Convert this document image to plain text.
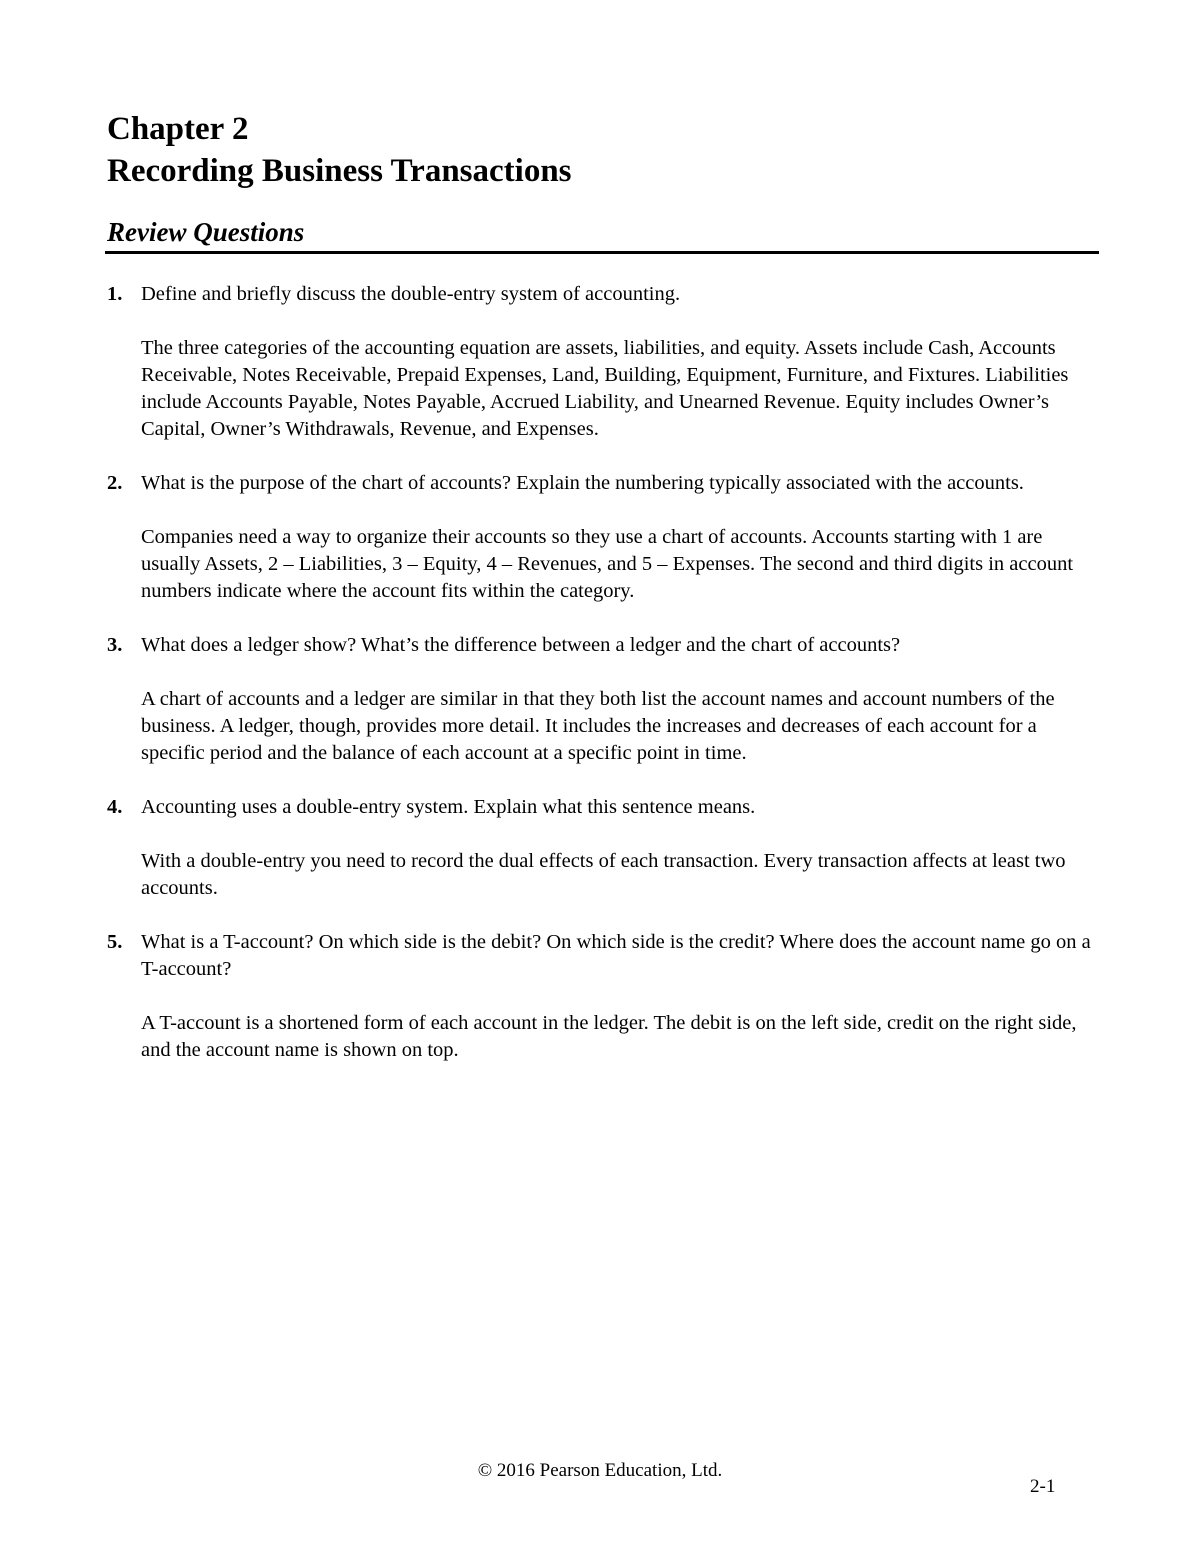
Chapter 2
Recording Business Transactions
Review Questions
1. Define and briefly discuss the double-entry system of accounting.

The three categories of the accounting equation are assets, liabilities, and equity. Assets include Cash, Accounts Receivable, Notes Receivable, Prepaid Expenses, Land, Building, Equipment, Furniture, and Fixtures. Liabilities include Accounts Payable, Notes Payable, Accrued Liability, and Unearned Revenue. Equity includes Owner’s Capital, Owner’s Withdrawals, Revenue, and Expenses.

2. What is the purpose of the chart of accounts? Explain the numbering typically associated with the accounts.

Companies need a way to organize their accounts so they use a chart of accounts. Accounts starting with 1 are usually Assets, 2 – Liabilities, 3 – Equity, 4 – Revenues, and 5 – Expenses. The second and third digits in account numbers indicate where the account fits within the category.

3. What does a ledger show? What’s the difference between a ledger and the chart of accounts?

A chart of accounts and a ledger are similar in that they both list the account names and account numbers of the business. A ledger, though, provides more detail. It includes the increases and decreases of each account for a specific period and the balance of each account at a specific point in time.

4. Accounting uses a double-entry system. Explain what this sentence means.

With a double-entry you need to record the dual effects of each transaction. Every transaction affects at least two accounts.

5. What is a T-account? On which side is the debit? On which side is the credit? Where does the account name go on a T-account?

A T-account is a shortened form of each account in the ledger. The debit is on the left side, credit on the right side, and the account name is shown on top.

© 2016 Pearson Education, Ltd.
2-1
